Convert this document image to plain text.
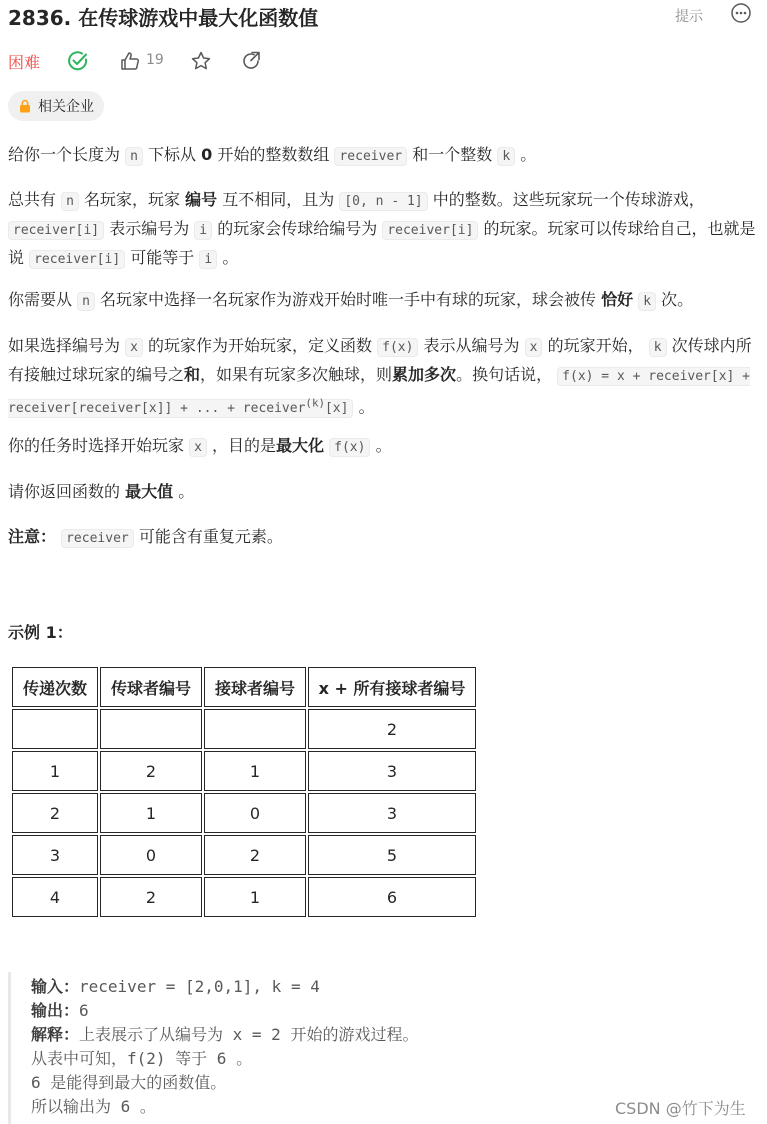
2836. 在传球游戏中最大化函数值	提示
困难	19
相关企业
给你一个长度为 n 下标从 0 开始的整数数组 receiver 和一个整数 k 。
总共有 n 名玩家，玩家 编号 互不相同，且为 [0, n - 1] 中的整数。这些玩家玩一个传球游戏， receiver[i] 表示编号为 i 的玩家会传球给编号为 receiver[i] 的玩家。玩家可以传球给自己，也就是说 receiver[i] 可能等于 i 。
你需要从 n 名玩家中选择一名玩家作为游戏开始时唯一手中有球的玩家，球会被传 恰好 k 次。
如果选择编号为 x 的玩家作为开始玩家，定义函数 f(x) 表示从编号为 x 的玩家开始， k 次传球内所有接触过球玩家的编号之和，如果有玩家多次触球，则累加多次。换句话说， f(x) = x + receiver[x] + receiver[receiver[x]] + ... + receiver$^{(k)}$[x] 。
你的任务时选择开始玩家 x ，目的是最大化 f(x) 。
请你返回函数的 最大值 。
注意： receiver 可能含有重复元素。
示例 1：
传递次数	传球者编号	接球者编号	x + 所有接球者编号
			2
1	2	1	3
2	1	0	3
3	0	2	5
4	2	1	6
输入：receiver = [2,0,1], k = 4
输出：6
解释：上表展示了从编号为 x = 2 开始的游戏过程。
从表中可知，f(2) 等于 6 。
6 是能得到最大的函数值。
所以输出为 6 。	CSDN @竹下为生
